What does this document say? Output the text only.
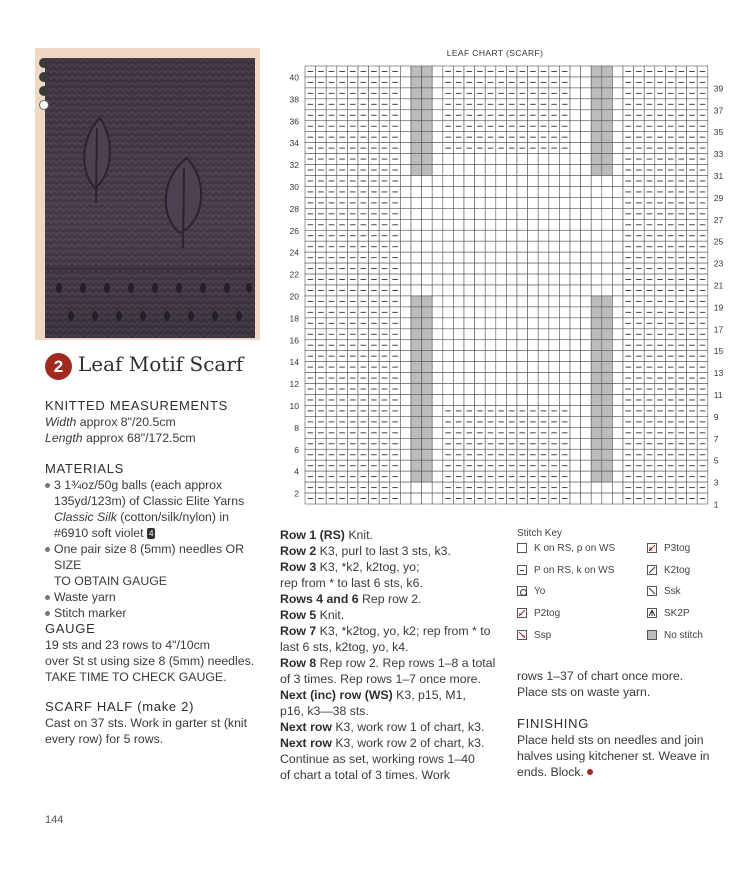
2 Leaf Motif Scarf
KNITTED MEASUREMENTS

Width approx 8"/20.5cm

Length approx 68"/172.5cm

MATERIALS

3 1¾oz/50g balls (each approx

135yd/123m) of Classic Elite Yarns

Classic Silk (cotton/silk/nylon) in

#6910 soft violet 4

One pair size 8 (5mm) needles OR SIZE

TO OBTAIN GAUGE

Waste yarn

Stitch marker

GAUGE

19 sts and 23 rows to 4"/10cm

over St st using size 8 (5mm) needles.

TAKE TIME TO CHECK GAUGE.

SCARF HALF (make 2)

Cast on 37 sts. Work in garter st (knit

every row) for 5 rows.

LEAF CHART (SCARF)
2
4
6
8
10
12
14
16
18
20
22
24
26
28
30
32
34
36
38
40
1
3
5
7
9
11
13
15
17
19
21
23
25
27
29
31
33
35
37
39

Row 1 (RS) Knit.

Row 2 K3, purl to last 3 sts, k3.

Row 3 K3, *k2, k2tog, yo;

rep from * to last 6 sts, k6.

Rows 4 and 6 Rep row 2.

Row 5 Knit.

Row 7 K3, *k2tog, yo, k2; rep from * to

last 6 sts, k2tog, yo, k4.

Row 8 Rep row 2. Rep rows 1–8 a total

of 3 times. Rep rows 1–7 once more.

Next (inc) row (WS) K3, p15, M1,

p16, k3—38 sts.

Next row K3, work row 1 of chart, k3.

Next row K3, work row 2 of chart, k3.

Continue as set, working rows 1–40

of chart a total of 3 times. Work

Stitch Key
K on RS, p on WS
P on RS, k on WS
Yo
P2tog
Ssp
P3tog
K2tog
Ssk
SK2P
No stitch

rows 1–37 of chart once more.

Place sts on waste yarn.

FINISHING

Place held sts on needles and join

halves using kitchener st. Weave in

ends. Block.

144
